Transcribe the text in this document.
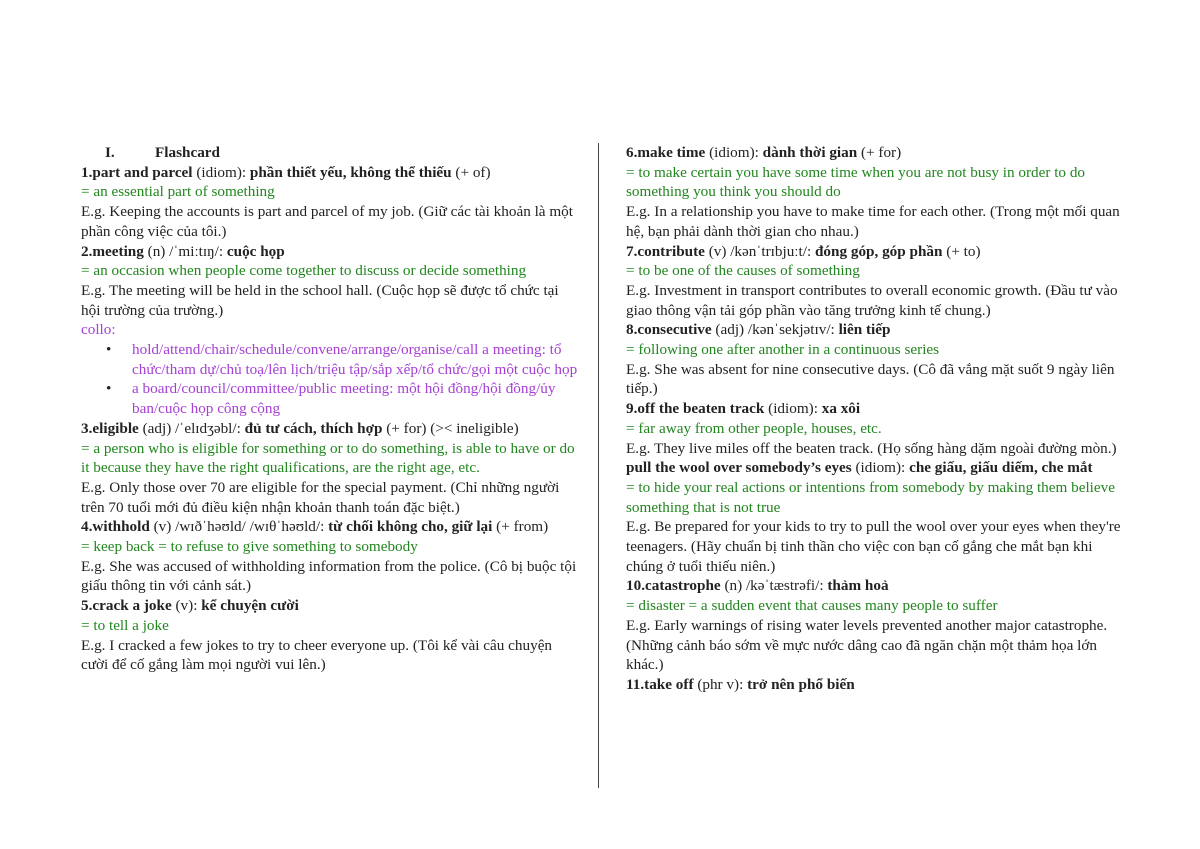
I.	Flashcard

1.part and parcel (idiom): phần thiết yếu, không thể thiếu (+ of)

= an essential part of something

E.g. Keeping the accounts is part and parcel of my job. (Giữ các tài khoản là một phần công việc của tôi.)

2.meeting (n) /ˈmiːtɪŋ/: cuộc họp

= an occasion when people come together to discuss or decide something

E.g. The meeting will be held in the school hall. (Cuộc họp sẽ được tổ chức tại hội trường của trường.)

collo:

• hold/attend/chair/schedule/convene/arrange/organise/call a meeting: tổ chức/tham dự/chủ toạ/lên lịch/triệu tập/sắp xếp/tổ chức/gọi một cuộc họp
• a board/council/committee/public meeting: một hội đồng/hội đồng/ủy ban/cuộc họp công cộng

3.eligible (adj) /ˈelɪdʒəbl/: đủ tư cách, thích hợp (+ for) (>< ineligible)

= a person who is eligible for something or to do something, is able to have or do it because they have the right qualifications, are the right age, etc.

E.g. Only those over 70 are eligible for the special payment. (Chỉ những người trên 70 tuổi mới đủ điều kiện nhận khoản thanh toán đặc biệt.)

4.withhold (v) /wɪðˈhəʊld/ /wɪθˈhəʊld/: từ chối không cho, giữ lại (+ from)

= keep back = to refuse to give something to somebody

E.g. She was accused of withholding information from the police. (Cô bị buộc tội giấu thông tin với cảnh sát.)

5.crack a joke (v): kể chuyện cười

= to tell a joke

E.g. I cracked a few jokes to try to cheer everyone up. (Tôi kể vài câu chuyện cười để cố gắng làm mọi người vui lên.)

6.make time (idiom): dành thời gian (+ for)

= to make certain you have some time when you are not busy in order to do something you think you should do

E.g. In a relationship you have to make time for each other. (Trong một mối quan hệ, bạn phải dành thời gian cho nhau.)

7.contribute (v) /kənˈtrɪbjuːt/: đóng góp, góp phần (+ to)

= to be one of the causes of something

E.g. Investment in transport contributes to overall economic growth. (Đầu tư vào giao thông vận tải góp phần vào tăng trưởng kinh tế chung.)

8.consecutive (adj) /kənˈsekjətɪv/: liên tiếp

= following one after another in a continuous series

E.g. She was absent for nine consecutive days. (Cô đã vắng mặt suốt 9 ngày liên tiếp.)

9.off the beaten track (idiom): xa xôi

= far away from other people, houses, etc.

E.g. They live miles off the beaten track. (Họ sống hàng dặm ngoài đường mòn.)

pull the wool over somebody’s eyes (idiom): che giấu, giấu diếm, che mắt

= to hide your real actions or intentions from somebody by making them believe something that is not true

E.g. Be prepared for your kids to try to pull the wool over your eyes when they're teenagers. (Hãy chuẩn bị tinh thần cho việc con bạn cố gắng che mắt bạn khi chúng ở tuổi thiếu niên.)

10.catastrophe (n) /kəˈtæstrəfi/: thảm hoả

= disaster = a sudden event that causes many people to suffer

E.g. Early warnings of rising water levels prevented another major catastrophe. (Những cảnh báo sớm về mực nước dâng cao đã ngăn chặn một thảm họa lớn khác.)

11.take off (phr v): trở nên phổ biến
